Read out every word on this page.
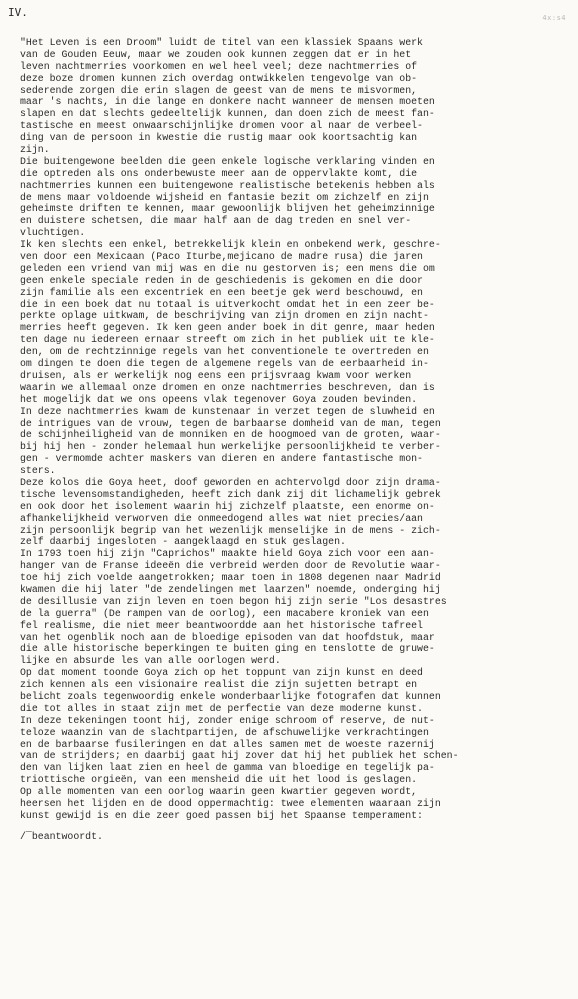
IV.	4x:s4
"Het Leven is een Droom" luidt de titel van een klassiek Spaans werk
van de Gouden Eeuw, maar we zouden ook kunnen zeggen dat er in het
leven nachtmerries voorkomen en wel heel veel; deze nachtmerries of
deze boze dromen kunnen zich overdag ontwikkelen tengevolge van ob-
sederende zorgen die erin slagen de geest van de mens te misvormen,
maar 's nachts, in die lange en donkere nacht wanneer de mensen moeten
slapen en dat slechts gedeeltelijk kunnen, dan doen zich de meest fan-
tastische en meest onwaarschijnlijke dromen voor al naar de verbeel-
ding van de persoon in kwestie die rustig maar ook koortsachtig kan
zijn.
Die buitengewone beelden die geen enkele logische verklaring vinden en
die optreden als ons onderbewuste meer aan de oppervlakte komt, die
nachtmerries kunnen een buitengewone realistische betekenis hebben als
de mens maar voldoende wijsheid en fantasie bezit om zichzelf en zijn
geheimste driften te kennen, maar gewoonlijk blijven het geheimzinnige
en duistere schetsen, die maar half aan de dag treden en snel ver-
vluchtigen.
Ik ken slechts een enkel, betrekkelijk klein en onbekend werk, geschre-
ven door een Mexicaan (Paco Iturbe,mejicano de madre rusa) die jaren
geleden een vriend van mij was en die nu gestorven is; een mens die om
geen enkele speciale reden in de geschiedenis is gekomen en die door
zijn familie als een excentriek en een beetje gek werd beschouwd, en
die in een boek dat nu totaal is uitverkocht omdat het in een zeer be-
perkte oplage uitkwam, de beschrijving van zijn dromen en zijn nacht-
merries heeft gegeven. Ik ken geen ander boek in dit genre, maar heden
ten dage nu iedereen ernaar streeft om zich in het publiek uit te kle-
den, om de rechtzinnige regels van het conventionele te overtreden en
om dingen te doen die tegen de algemene regels van de eerbaarheid in-
druisen, als er werkelijk nog eens een prijsvraag kwam voor werken
waarin we allemaal onze dromen en onze nachtmerries beschreven, dan is
het mogelijk dat we ons opeens vlak tegenover Goya zouden bevinden.
In deze nachtmerries kwam de kunstenaar in verzet tegen de sluwheid en
de intrigues van de vrouw, tegen de barbaarse domheid van de man, tegen
de schijnheiligheid van de monniken en de hoogmoed van de groten, waar-
bij hij hen - zonder helemaal hun werkelijke persoonlijkheid te verber-
gen - vermomde achter maskers van dieren en andere fantastische mon-
sters.
Deze kolos die Goya heet, doof geworden en achtervolgd door zijn drama-
tische levensomstandigheden, heeft zich dank zij dit lichamelijk gebrek
en ook door het isolement waarin hij zichzelf plaatste, een enorme on-
afhankelijkheid verworven die onmeedogend alles wat niet precies/aan
zijn persoonlijk begrip van het wezenlijk menselijke in de mens - zich-
zelf daarbij ingesloten - aangeklaagd en stuk geslagen.
In 1793 toen hij zijn "Caprichos" maakte hield Goya zich voor een aan-
hanger van de Franse ideeën die verbreid werden door de Revolutie waar-
toe hij zich voelde aangetrokken; maar toen in 1808 degenen naar Madrid
kwamen die hij later "de zendelingen met laarzen" noemde, onderging hij
de desillusie van zijn leven en toen begon hij zijn serie "Los desastres
de la guerra" (De rampen van de oorlog), een macabere kroniek van een
fel realisme, die niet meer beantwoordde aan het historische tafreel
van het ogenblik noch aan de bloedige episoden van dat hoofdstuk, maar
die alle historische beperkingen te buiten ging en tenslotte de gruwe-
lijke en absurde les van alle oorlogen werd.
Op dat moment toonde Goya zich op het toppunt van zijn kunst en deed
zich kennen als een visionaire realist die zijn sujetten betrapt en
belicht zoals tegenwoordig enkele wonderbaarlijke fotografen dat kunnen
die tot alles in staat zijn met de perfectie van deze moderne kunst.
In deze tekeningen toont hij, zonder enige schroom of reserve, de nut-
teloze waanzin van de slachtpartijen, de afschuwelijke verkrachtingen
en de barbaarse fusileringen en dat alles samen met de woeste razernij
van de strijders; en daarbij gaat hij zover dat hij het publiek het schen-
den van lijken laat zien en heel de gamma van bloedige en tegelijk pa-
triottische orgieën, van een mensheid die uit het lood is geslagen.
Op alle momenten van een oorlog waarin geen kwartier gegeven wordt,
heersen het lijden en de dood oppermachtig: twee elementen waaraan zijn
kunst gewijd is en die zeer goed passen bij het Spaanse temperament:
/¯beantwoordt.
